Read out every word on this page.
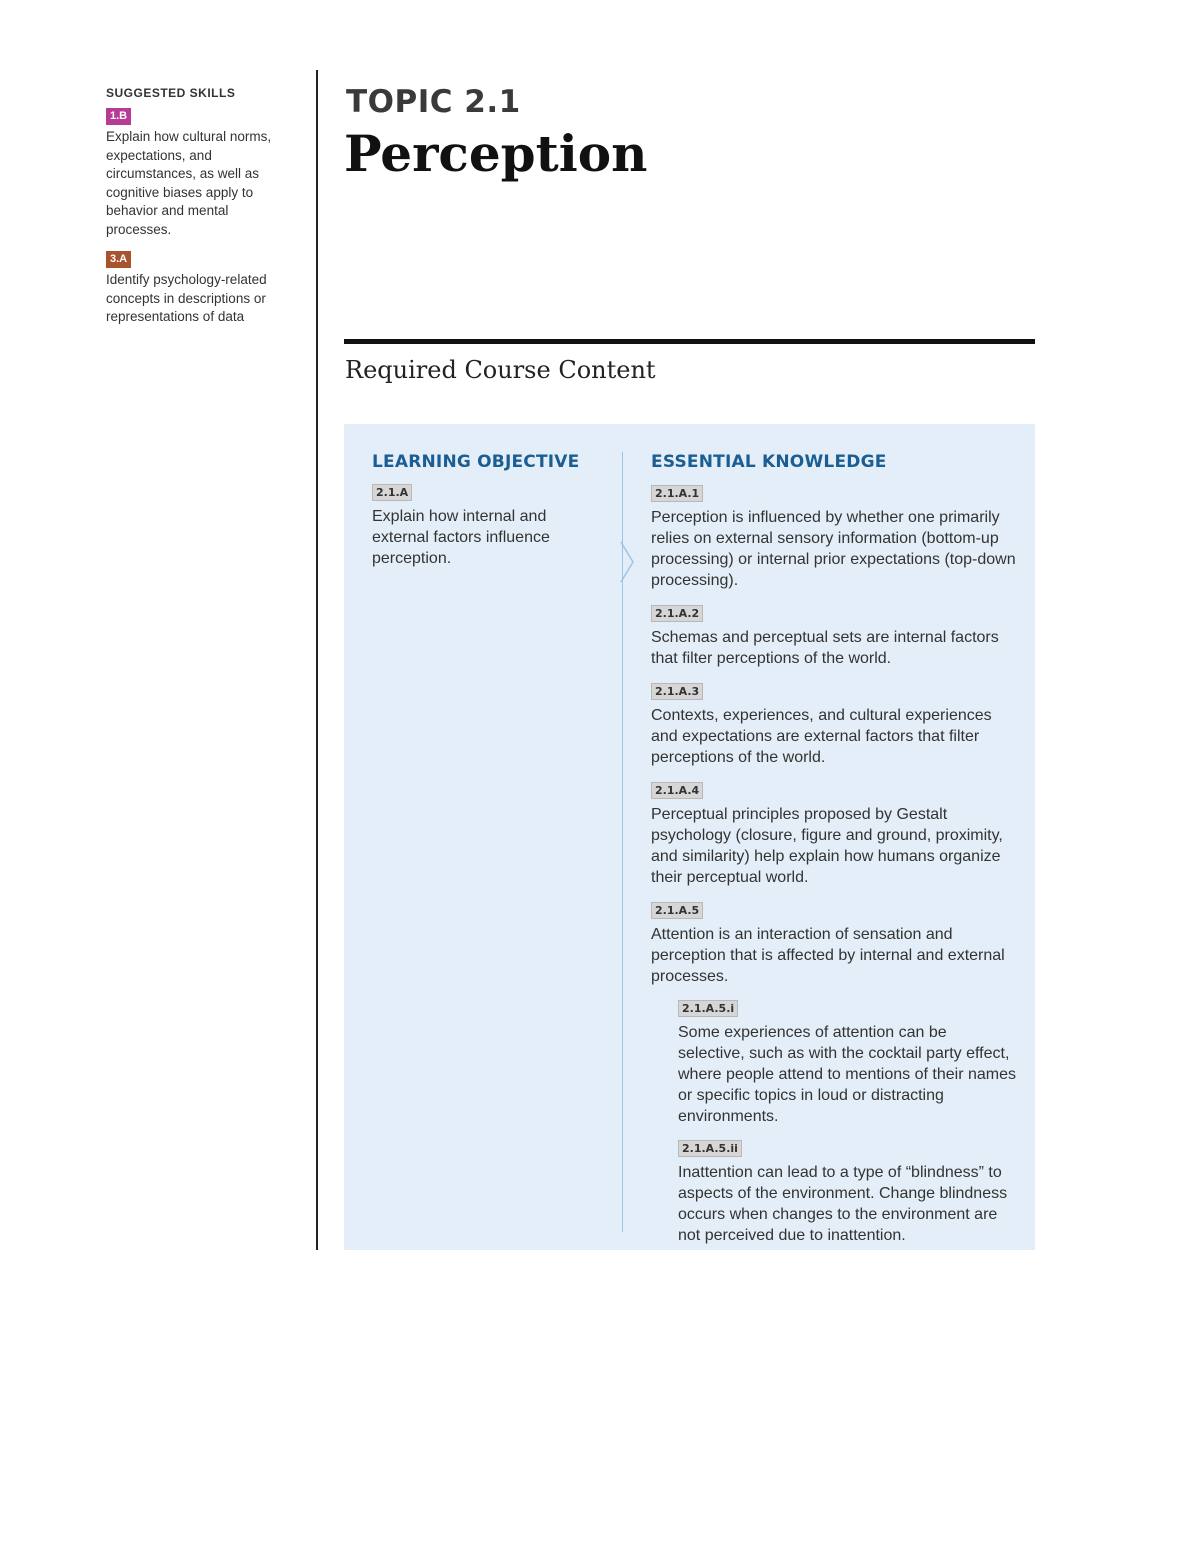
SUGGESTED SKILLS
1.B
Explain how cultural norms, expectations, and circumstances, as well as cognitive biases apply to behavior and mental processes.
3.A
Identify psychology-related concepts in descriptions or representations of data
TOPIC 2.1
Perception
Required Course Content
LEARNING OBJECTIVE
2.1.A
Explain how internal and external factors influence perception.
ESSENTIAL KNOWLEDGE
2.1.A.1
Perception is influenced by whether one primarily relies on external sensory information (bottom-up processing) or internal prior expectations (top-down processing).
2.1.A.2
Schemas and perceptual sets are internal factors that filter perceptions of the world.
2.1.A.3
Contexts, experiences, and cultural experiences and expectations are external factors that filter perceptions of the world.
2.1.A.4
Perceptual principles proposed by Gestalt psychology (closure, figure and ground, proximity, and similarity) help explain how humans organize their perceptual world.
2.1.A.5
Attention is an interaction of sensation and perception that is affected by internal and external processes.
2.1.A.5.i
Some experiences of attention can be selective, such as with the cocktail party effect, where people attend to mentions of their names or specific topics in loud or distracting environments.
2.1.A.5.ii
Inattention can lead to a type of “blindness” to aspects of the environment. Change blindness occurs when changes to the environment are not perceived due to inattention.
